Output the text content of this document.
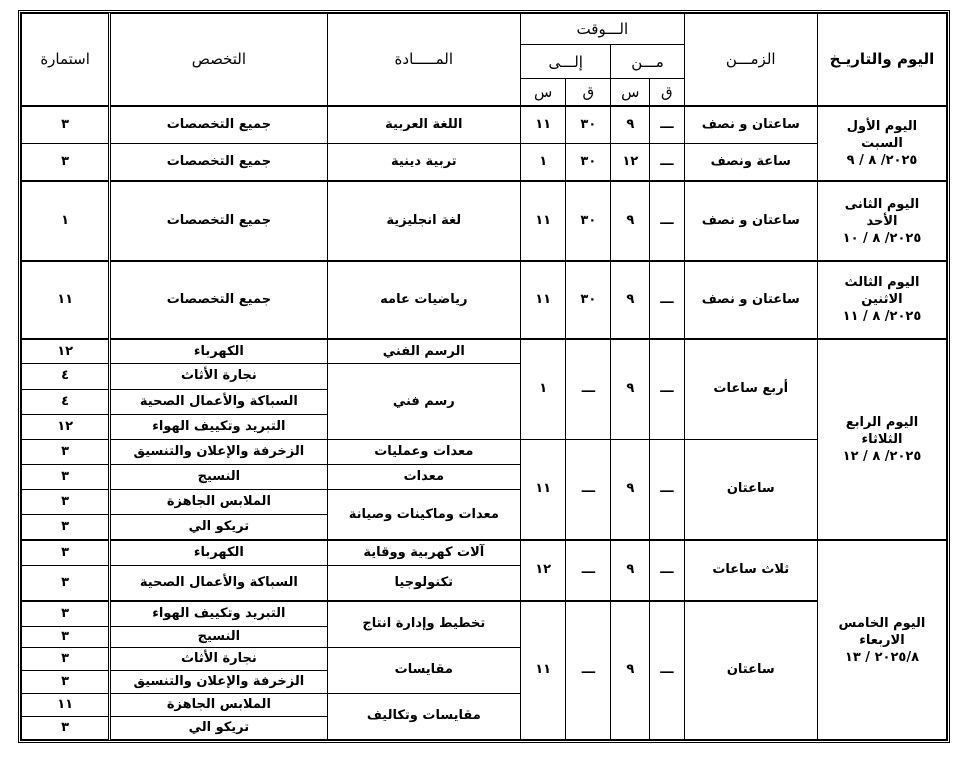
اليوم والتاريـخ	الزمـــن	الـــوقت				المـــــادة	التخصص	استمارة
		مـــن		إلـــى				
		ق	س	ق	س			

اليوم الأول
السبت
٢٠٢٥/ ٨ / ٩	ساعتان و نصف	ـــ	٩	٣٠	١١	اللغة العربية	جميع التخصصات	٣
	ساعة ونصف	ـــ	١٢	٣٠	١	تربية دينية	جميع التخصصات	٣

اليوم الثانى
الأحد
٢٠٢٥/ ٨ / ١٠	ساعتان و نصف	ـــ	٩	٣٠	١١	لغة انجليزية	جميع التخصصات	١

اليوم الثالث
الاثنين
٢٠٢٥/ ٨ / ١١	ساعتان و نصف	ـــ	٩	٣٠	١١	رياضيات عامه	جميع التخصصات	١١

اليوم الرابع
الثلاثاء
٢٠٢٥/ ٨ / ١٢	أربع ساعات	ـــ	٩	ـــ	١	الرسم الفني	الكهرباء	١٢
						رسم فني	نجارة الأثاث	٤
							السباكة والأعمال الصحية	٤
							التبريد وتكييف الهواء	١٢
	ساعتان	ـــ	٩	ـــ	١١	معدات وعمليات	الزخرفة والإعلان والتنسيق	٣
						معدات	النسيج	٣
						معدات وماكينات وصيانة	الملابس الجاهزة	٣
							تريكو الي	٣

اليوم الخامس
الاربعاء
٢٠٢٥/٨ / ١٣	ثلاث ساعات	ـــ	٩	ـــ	١٢	آلات كهربية ووقاية	الكهرباء	٣
						تكنولوجيا	السباكة والأعمال الصحية	٣
	ساعتان	ـــ	٩	ـــ	١١	تخطيط وإدارة انتاج	التبريد وتكييف الهواء	٣
							النسيج	٣
						مقايسات	نجارة الأثاث	٣
							الزخرفة والإعلان والتنسيق	٣
						مقايسات وتكاليف	الملابس الجاهزة	١١
							تريكو الي	٣
